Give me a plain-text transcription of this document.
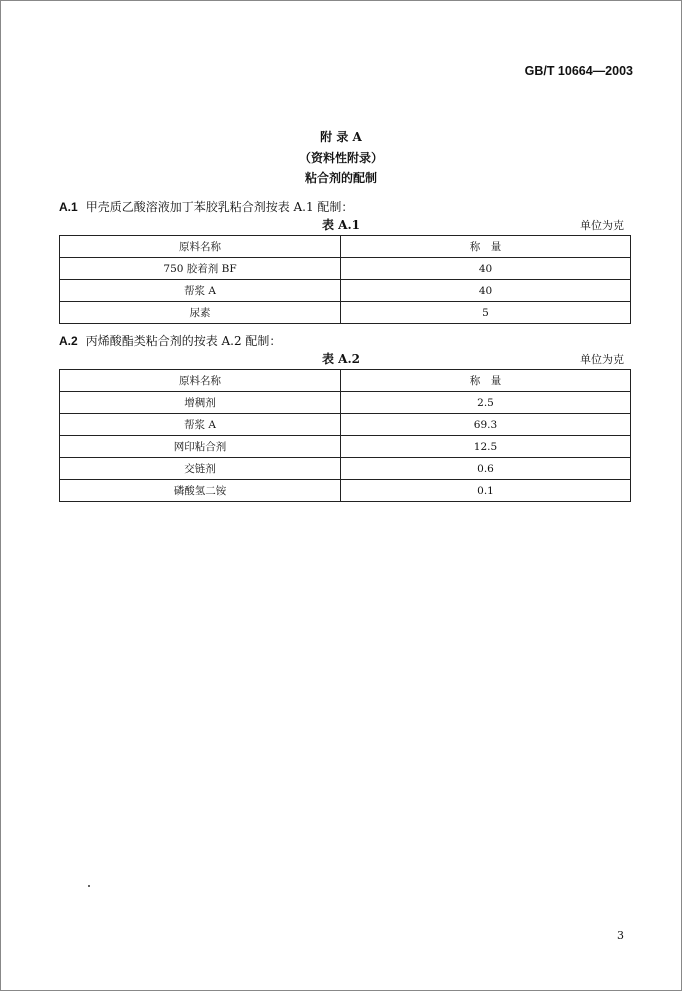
GB/T 10664—2003
附 录 A
（资料性附录）
粘合剂的配制
A.1 甲壳质乙酸溶液加丁苯胶乳粘合剂按表 A.1 配制：
表 A.1	单位为克
原料名称	称　量
750 胶着剂 BF	40
帮浆 A	40
尿素	5
A.2 丙烯酸酯类粘合剂的按表 A.2 配制：
表 A.2	单位为克
原料名称	称　量
增稠剂	2.5
帮浆 A	69.3
网印粘合剂	12.5
交链剂	0.6
磷酸氢二铵	0.1
3
